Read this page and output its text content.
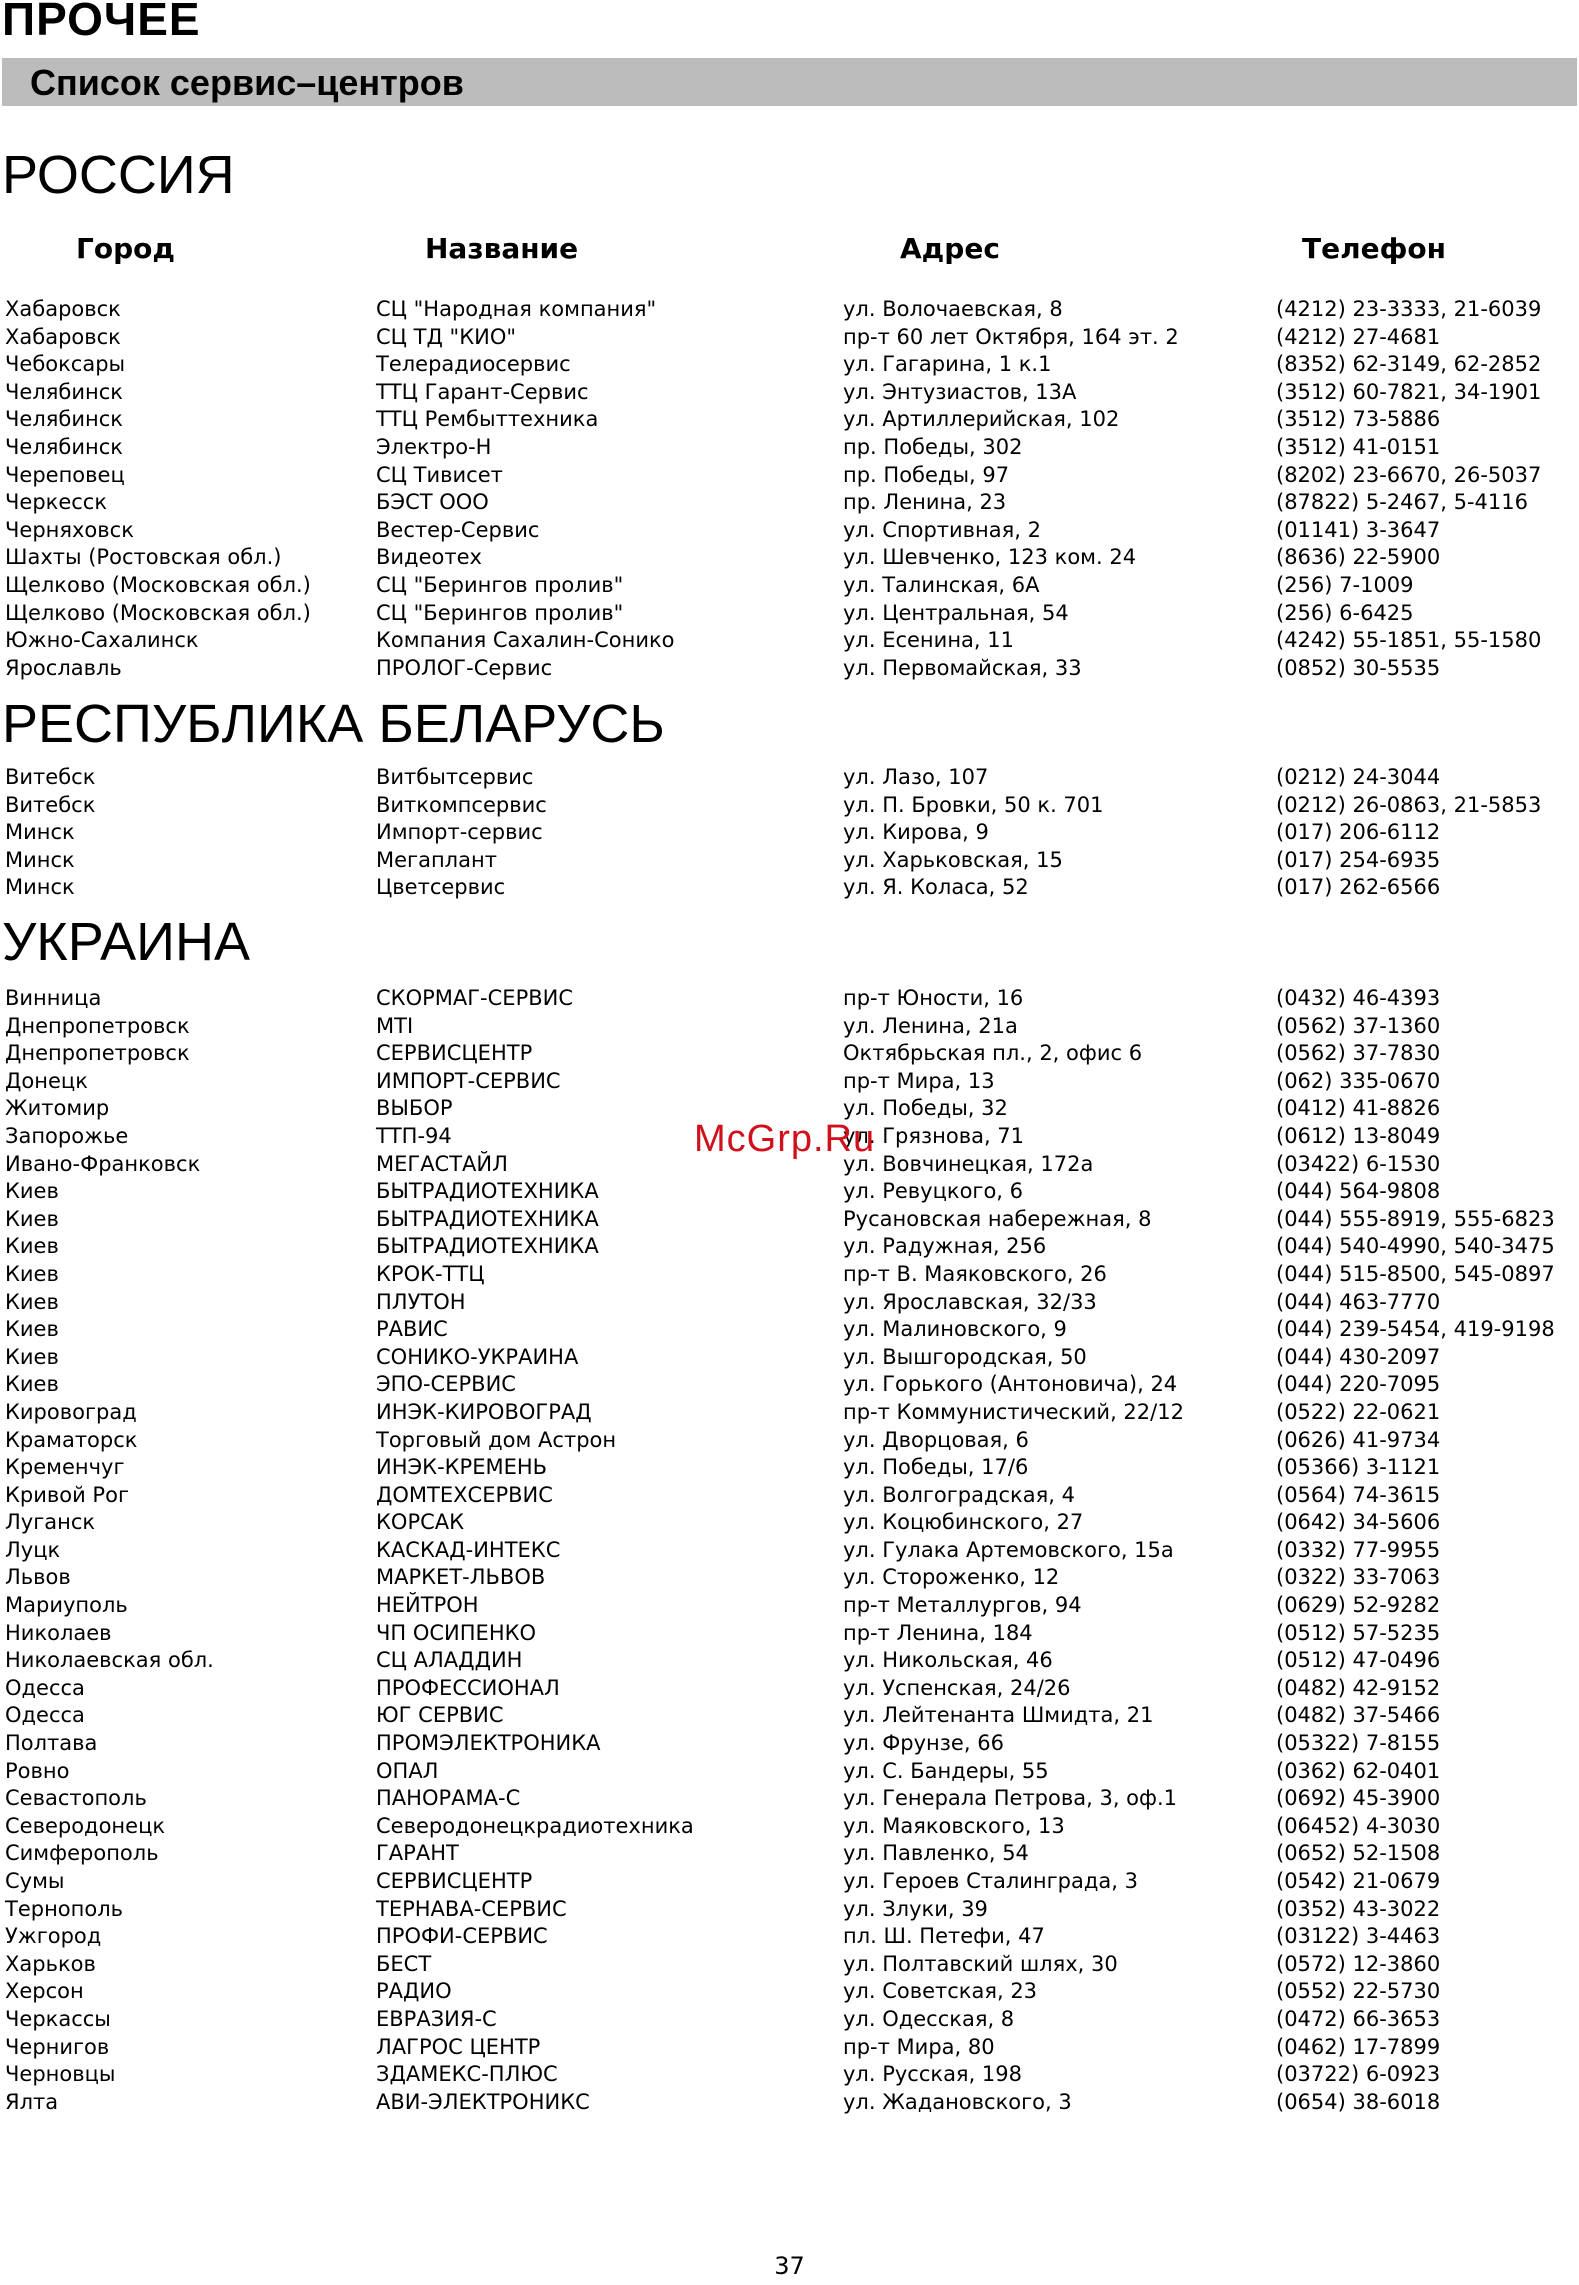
ПРОЧЕЕ
Список сервис–центров
РОССИЯ
Город	Название	Адрес	Телефон
Хабаровск	СЦ "Народная компания"	ул. Волочаевская, 8	(4212) 23-3333, 21-6039
Хабаровск	СЦ ТД "КИО"	пр-т 60 лет Октября, 164 эт. 2	(4212) 27-4681
Чебоксары	Телерадиосервис	ул. Гагарина, 1 к.1	(8352) 62-3149, 62-2852
Челябинск	ТТЦ Гарант-Сервис	ул. Энтузиастов, 13А	(3512) 60-7821, 34-1901
Челябинск	ТТЦ Рембыттехника	ул. Артиллерийская, 102	(3512) 73-5886
Челябинск	Электро-Н	пр. Победы, 302	(3512) 41-0151
Череповец	СЦ Тивисет	пр. Победы, 97	(8202) 23-6670, 26-5037
Черкесск	БЭСТ ООО	пр. Ленина, 23	(87822) 5-2467, 5-4116
Черняховск	Вестер-Сервис	ул. Спортивная, 2	(01141) 3-3647
Шахты (Ростовская обл.)	Видеотех	ул. Шевченко, 123 ком. 24	(8636) 22-5900
Щелково (Московская обл.)	СЦ "Берингов пролив"	ул. Талинская, 6А	(256) 7-1009
Щелково (Московская обл.)	СЦ "Берингов пролив"	ул. Центральная, 54	(256) 6-6425
Южно-Сахалинск	Компания Сахалин-Сонико	ул. Есенина, 11	(4242) 55-1851, 55-1580
Ярославль	ПРОЛОГ-Сервис	ул. Первомайская, 33	(0852) 30-5535
РЕСПУБЛИКА БЕЛАРУСЬ
Витебск	Витбытсервис	ул. Лазо, 107	(0212) 24-3044
Витебск	Виткомпсервис	ул. П. Бровки, 50 к. 701	(0212) 26-0863, 21-5853
Минск	Импорт-сервис	ул. Кирова, 9	(017) 206-6112
Минск	Мегаплант	ул. Харьковская, 15	(017) 254-6935
Минск	Цветсервис	ул. Я. Коласа, 52	(017) 262-6566
УКРАИНА
Винница	СКОРМАГ-СЕРВИС	пр-т Юности, 16	(0432) 46-4393
Днепропетровск	MTI	ул. Ленина, 21а	(0562) 37-1360
Днепропетровск	СЕРВИСЦЕНТР	Октябрьская пл., 2, офис 6	(0562) 37-7830
Донецк	ИМПОРТ-СЕРВИС	пр-т Мира, 13	(062) 335-0670
Житомир	ВЫБОР	ул. Победы, 32	(0412) 41-8826
Запорожье	ТТП-94	ул. Грязнова, 71	(0612) 13-8049
Ивано-Франковск	МЕГАСТАЙЛ	ул. Вовчинецкая, 172а	(03422) 6-1530
Киев	БЫТРАДИОТЕХНИКА	ул. Ревуцкого, 6	(044) 564-9808
Киев	БЫТРАДИОТЕХНИКА	Русановская набережная, 8	(044) 555-8919, 555-6823
Киев	БЫТРАДИОТЕХНИКА	ул. Радужная, 256	(044) 540-4990, 540-3475
Киев	КРОК-ТТЦ	пр-т В. Маяковского, 26	(044) 515-8500, 545-0897
Киев	ПЛУТОН	ул. Ярославская, 32/33	(044) 463-7770
Киев	РАВИС	ул. Малиновского, 9	(044) 239-5454, 419-9198
Киев	СОНИКО-УКРАИНА	ул. Вышгородская, 50	(044) 430-2097
Киев	ЭПО-СЕРВИС	ул. Горького (Антоновича), 24	(044) 220-7095
Кировоград	ИНЭК-КИРОВОГРАД	пр-т Коммунистический, 22/12	(0522) 22-0621
Краматорск	Торговый дом Астрон	ул. Дворцовая, 6	(0626) 41-9734
Кременчуг	ИНЭК-КРЕМЕНЬ	ул. Победы, 17/6	(05366) 3-1121
Кривой Рог	ДОМТЕХСЕРВИС	ул. Волгоградская, 4	(0564) 74-3615
Луганск	КОРСАК	ул. Коцюбинского, 27	(0642) 34-5606
Луцк	КАСКАД-ИНТЕКС	ул. Гулака Артемовского, 15а	(0332) 77-9955
Львов	МАРКЕТ-ЛЬВОВ	ул. Стороженко, 12	(0322) 33-7063
Мариуполь	НЕЙТРОН	пр-т Металлургов, 94	(0629) 52-9282
Николаев	ЧП ОСИПЕНКО	пр-т Ленина, 184	(0512) 57-5235
Николаевская обл.	СЦ АЛАДДИН	ул. Никольская, 46	(0512) 47-0496
Одесса	ПРОФЕССИОНАЛ	ул. Успенская, 24/26	(0482) 42-9152
Одесса	ЮГ СЕРВИС	ул. Лейтенанта Шмидта, 21	(0482) 37-5466
Полтава	ПРОМЭЛЕКТРОНИКА	ул. Фрунзе, 66	(05322) 7-8155
Ровно	ОПАЛ	ул. С. Бандеры, 55	(0362) 62-0401
Севастополь	ПАНОРАМА-С	ул. Генерала Петрова, 3, оф.1	(0692) 45-3900
Северодонецк	Северодонецкрадиотехника	ул. Маяковского, 13	(06452) 4-3030
Симферополь	ГАРАНТ	ул. Павленко, 54	(0652) 52-1508
Сумы	СЕРВИСЦЕНТР	ул. Героев Сталинграда, 3	(0542) 21-0679
Тернополь	ТЕРНАВА-СЕРВИС	ул. Злуки, 39	(0352) 43-3022
Ужгород	ПРОФИ-СЕРВИС	пл. Ш. Петефи, 47	(03122) 3-4463
Харьков	БЕСТ	ул. Полтавский шлях, 30	(0572) 12-3860
Херсон	РАДИО	ул. Советская, 23	(0552) 22-5730
Черкассы	ЕВРАЗИЯ-С	ул. Одесская, 8	(0472) 66-3653
Чернигов	ЛАГРОС ЦЕНТР	пр-т Мира, 80	(0462) 17-7899
Черновцы	ЗДАМЕКС-ПЛЮС	ул. Русская, 198	(03722) 6-0923
Ялта	АВИ-ЭЛЕКТРОНИКС	ул. Жадановского, 3	(0654) 38-6018
McGrp.Ru
37
